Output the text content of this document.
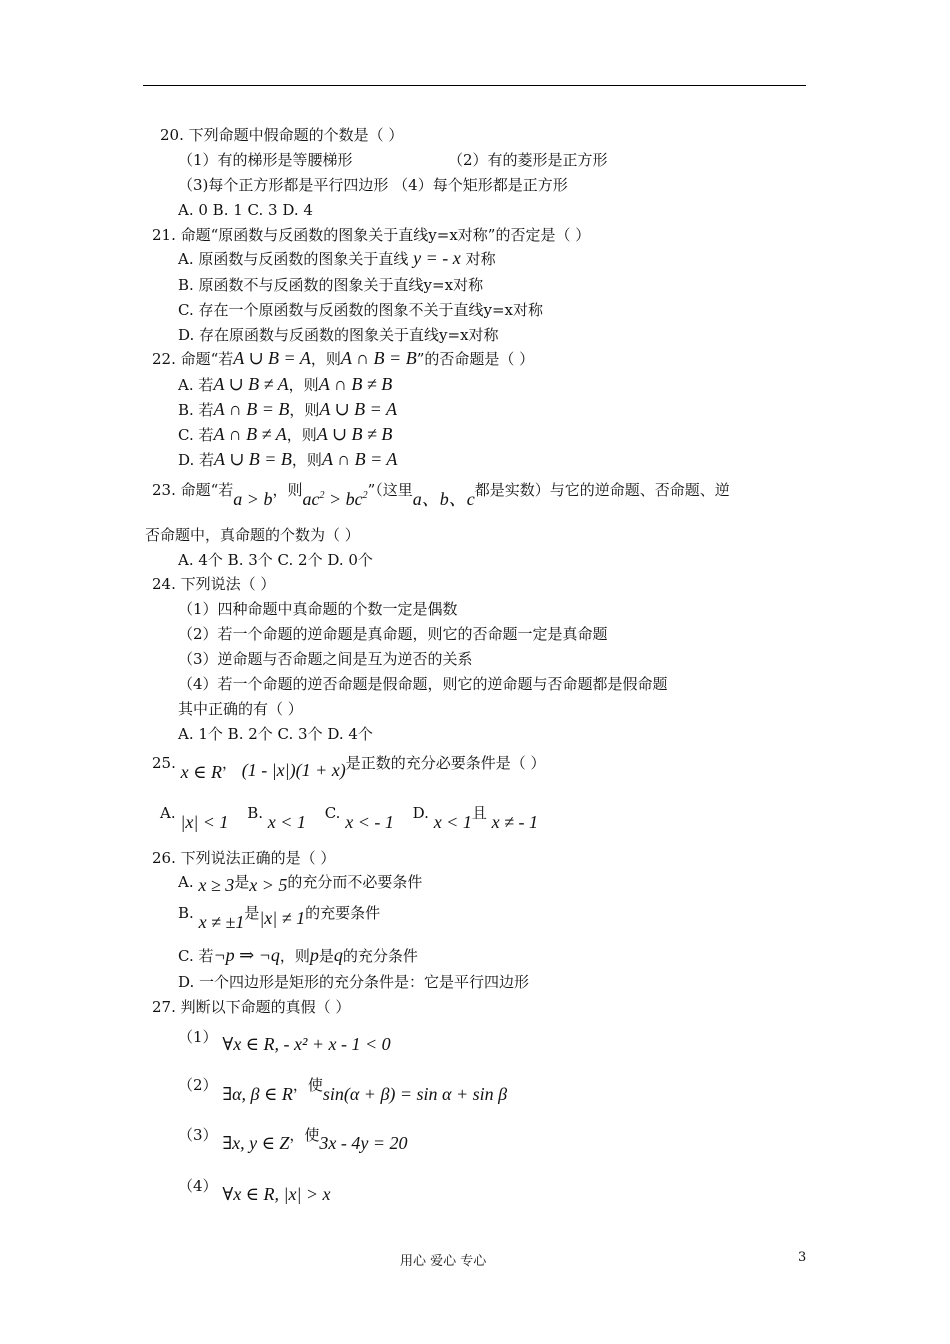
20. 下列命题中假命题的个数是（ ）
（1）有的梯形是等腰梯形	（2）有的菱形是正方形
（3)每个正方形都是平行四边形 （4）每个矩形都是正方形
A. 0 B. 1 C. 3 D. 4
21. 命题“原函数与反函数的图象关于直线y=x对称”的否定是（ ）
A. 原函数与反函数的图象关于直线 y = - x 对称
B. 原函数不与反函数的图象关于直线y=x对称
C. 存在一个原函数与反函数的图象不关于直线y=x对称
D. 存在原函数与反函数的图象关于直线y=x对称
22. 命题“若A ∪ B = A，则A ∩ B = B”的否命题是（ ）
A. 若A ∪ B ≠ A，则A ∩ B ≠ B
B. 若A ∩ B = B，则A ∪ B = A
C. 若A ∩ B ≠ A，则A ∪ B ≠ B
D. 若A ∪ B = B，则A ∩ B = A
23. 命题“若a > b，则$ac^2$ > $bc^2$”（这里a、b、c都是实数）与它的逆命题、否命题、逆
否命题中，真命题的个数为（ ）
A. 4个 B. 3个 C. 2个 D. 0个
24. 下列说法（ ）
（1）四种命题中真命题的个数一定是偶数
（2）若一个命题的逆命题是真命题，则它的否命题一定是真命题
（3）逆命题与否命题之间是互为逆否的关系
（4）若一个命题的逆否命题是假命题，则它的逆命题与否命题都是假命题
其中正确的有（ ）
A. 1个 B. 2个 C. 3个 D. 4个
25. x ∈ R， (1 - |x|)(1 + x)是正数的充分必要条件是（ ）
A. |x| < 1 B. x < 1 C. x < - 1 D. x < 1且 x ≠ - 1
26. 下列说法正确的是（ ）
A. x ≥ 3是x > 5的充分而不必要条件
B. x ≠ ±1是|x| ≠ 1的充要条件
C. 若¬p ⇒ ¬q，则p是q的充分条件
D. 一个四边形是矩形的充分条件是：它是平行四边形
27. 判断以下命题的真假（ ）
（1） ∀x ∈ R, - x² + x - 1 < 0
（2） ∃α, β ∈ R，使sin(α + β) = sin α + sin β
（3） ∃x, y ∈ Z，使3x - 4y = 20
（4） ∀x ∈ R, |x| > x
用心 爱心 专心	3
